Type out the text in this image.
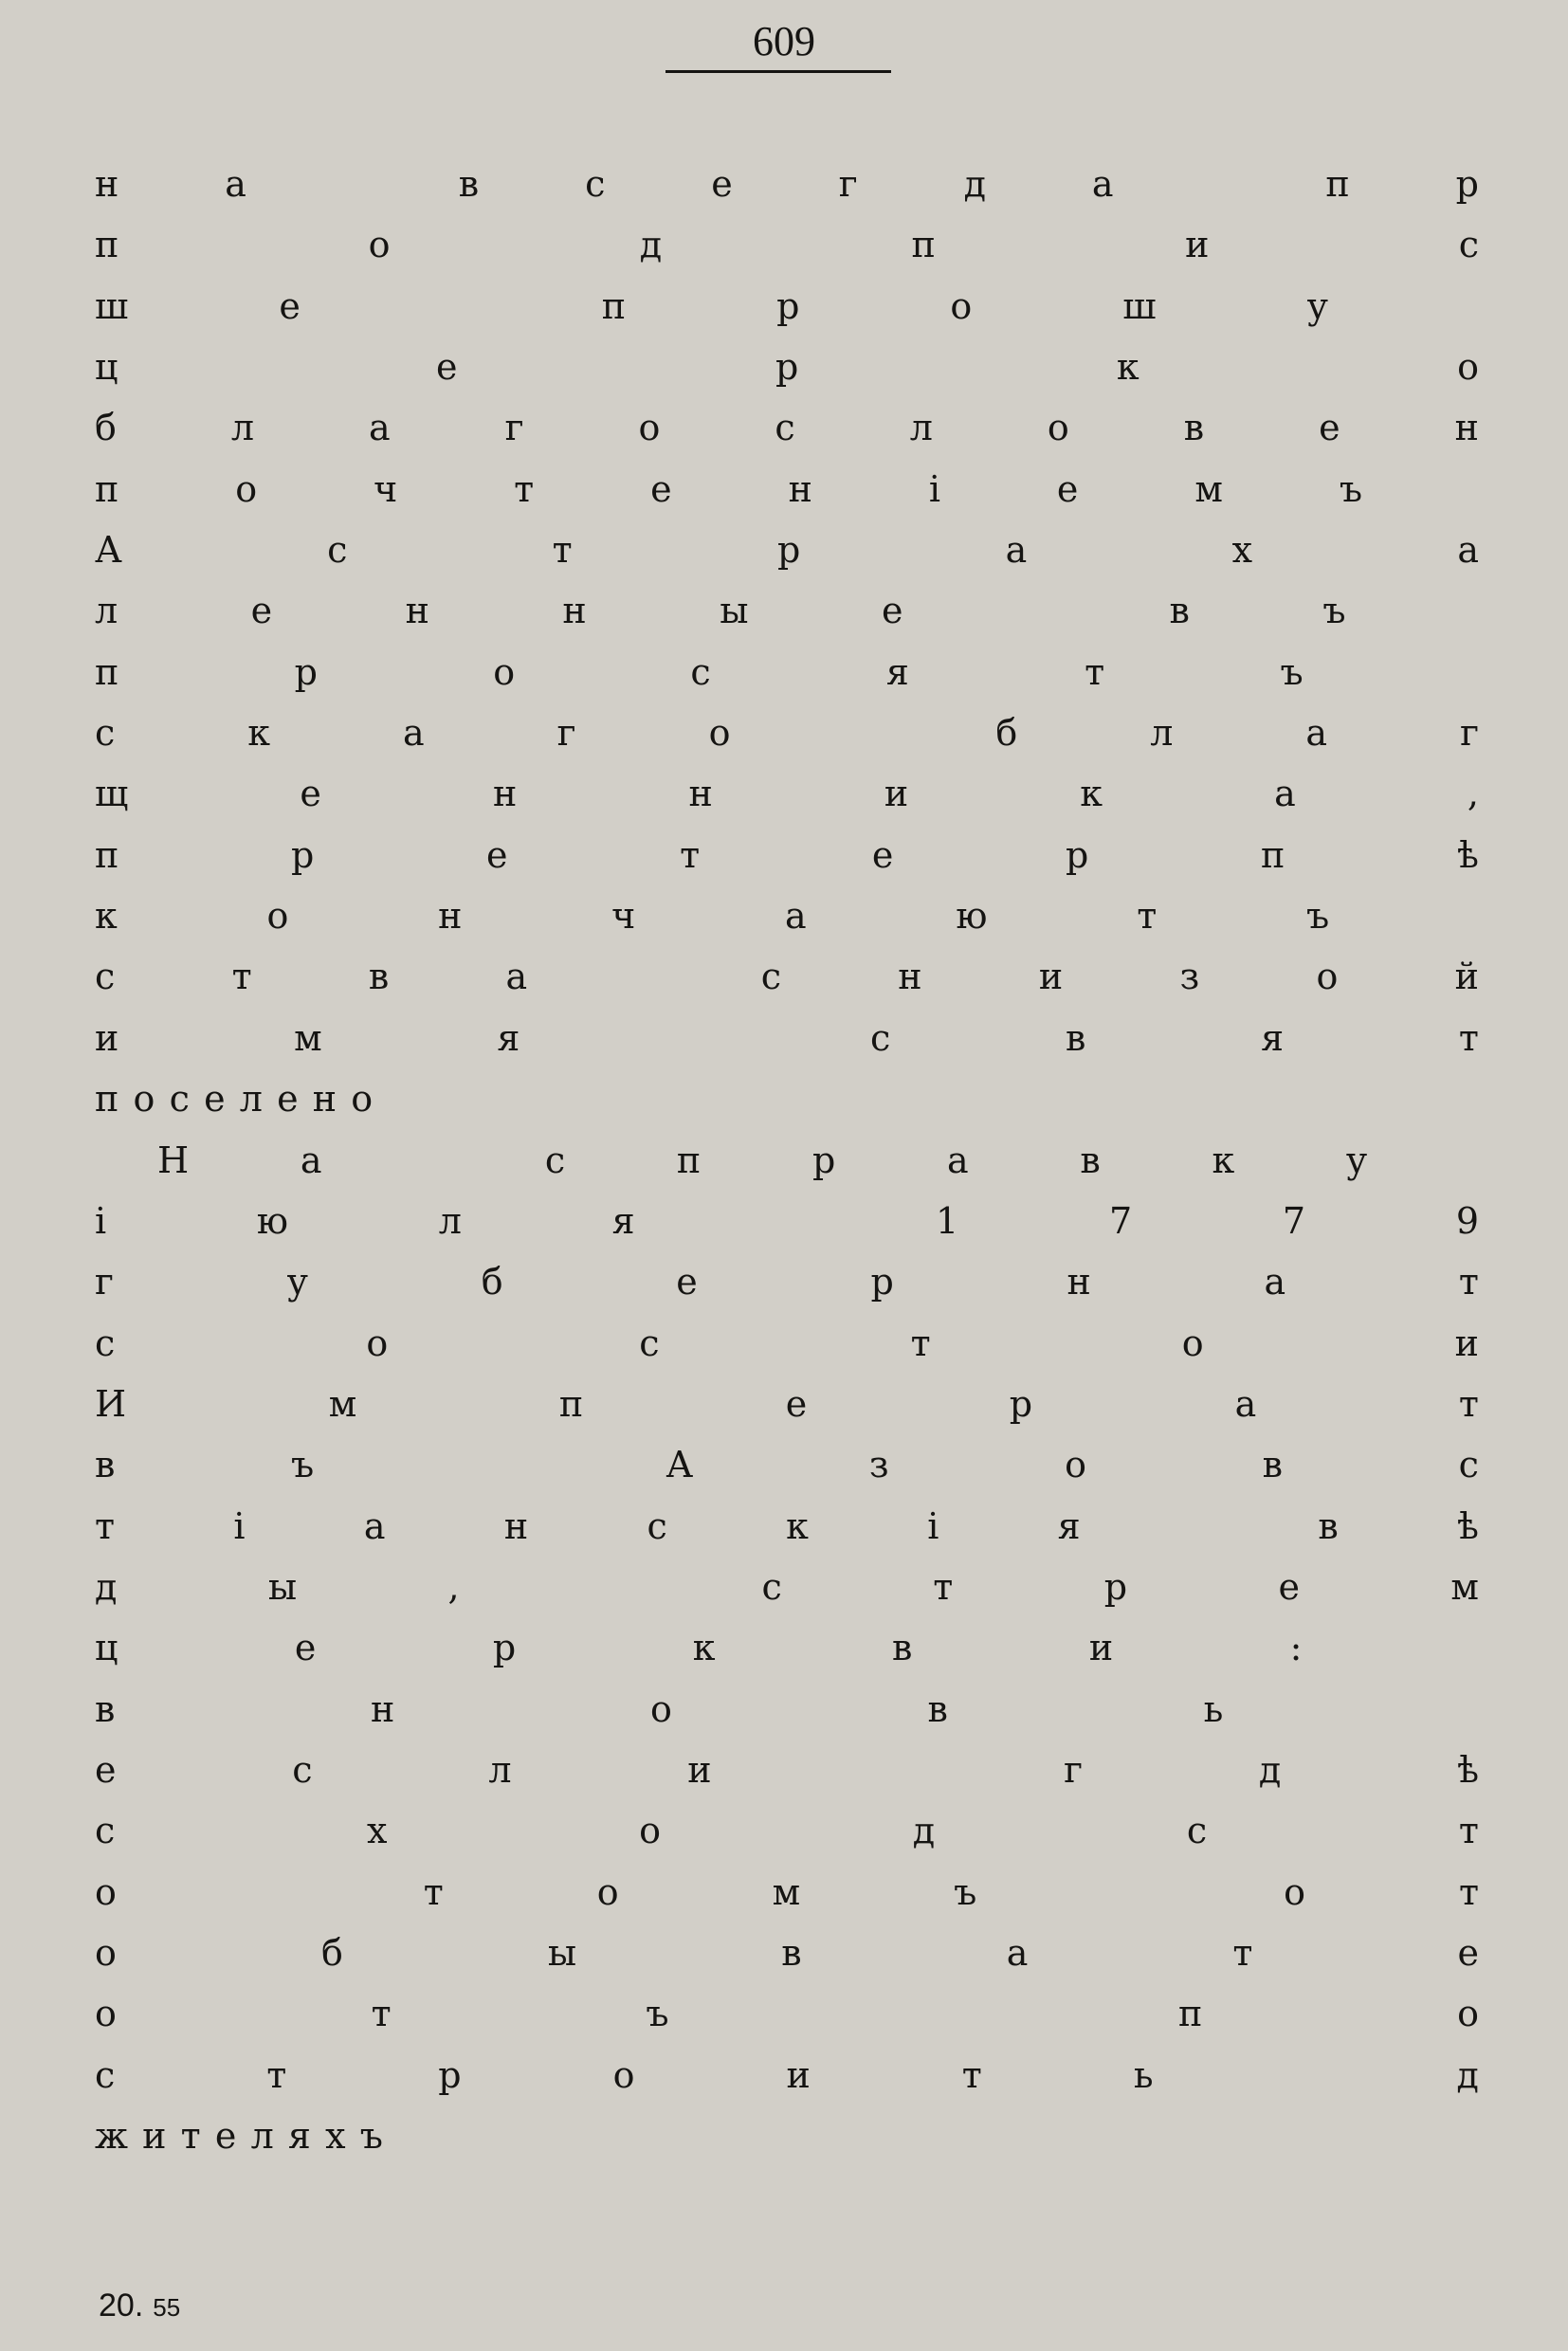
609
н	а	в	с	е	г	д	а	п	р
п	о	д	п	и	с
ш	е	п	р	о	ш	у
ц	е	р	к	о
б	л	а	г	о	с	л	о	в	е	н
п	о	ч	т	е	н	і	е	м	ъ
А	с	т	р	а	х	а
л	е	н	н	ы	е	в	ъ
п	р	о	с	я	т	ъ
с	к	а	г	о	б	л	а	г
щ	е	н	н	и	к	а	,
п	р	е	т	е	р	п	ѣ
к	о	н	ч	а	ю	т	ъ
с	т	в	а	с	н	и	з	о	й
и	м	я	с	в	я	т
п о с е л е н о
Н	а	с	п	р	а	в	к	у
і	ю	л	я	1	7	7	9
г	у	б	е	р	н	а	т
с	о	с	т	о	и
И	м	п	е	р	а	т
в	ъ	А	з	о	в	с
т	і	а	н	с	к	і	я	в	ѣ
д	ы	,	с	т	р	е	м
ц	е	р	к	в	и	:
в	н	о	в	ь
е	с	л	и	г	д	ѣ
с	х	о	д	с	т
о	т	о	м	ъ	о	т
о	б	ы	в	а	т	е
о	т	ъ	п	о
с	т	р	о	и	т	ь	д
ж и т е л я х ъ
20. 55
